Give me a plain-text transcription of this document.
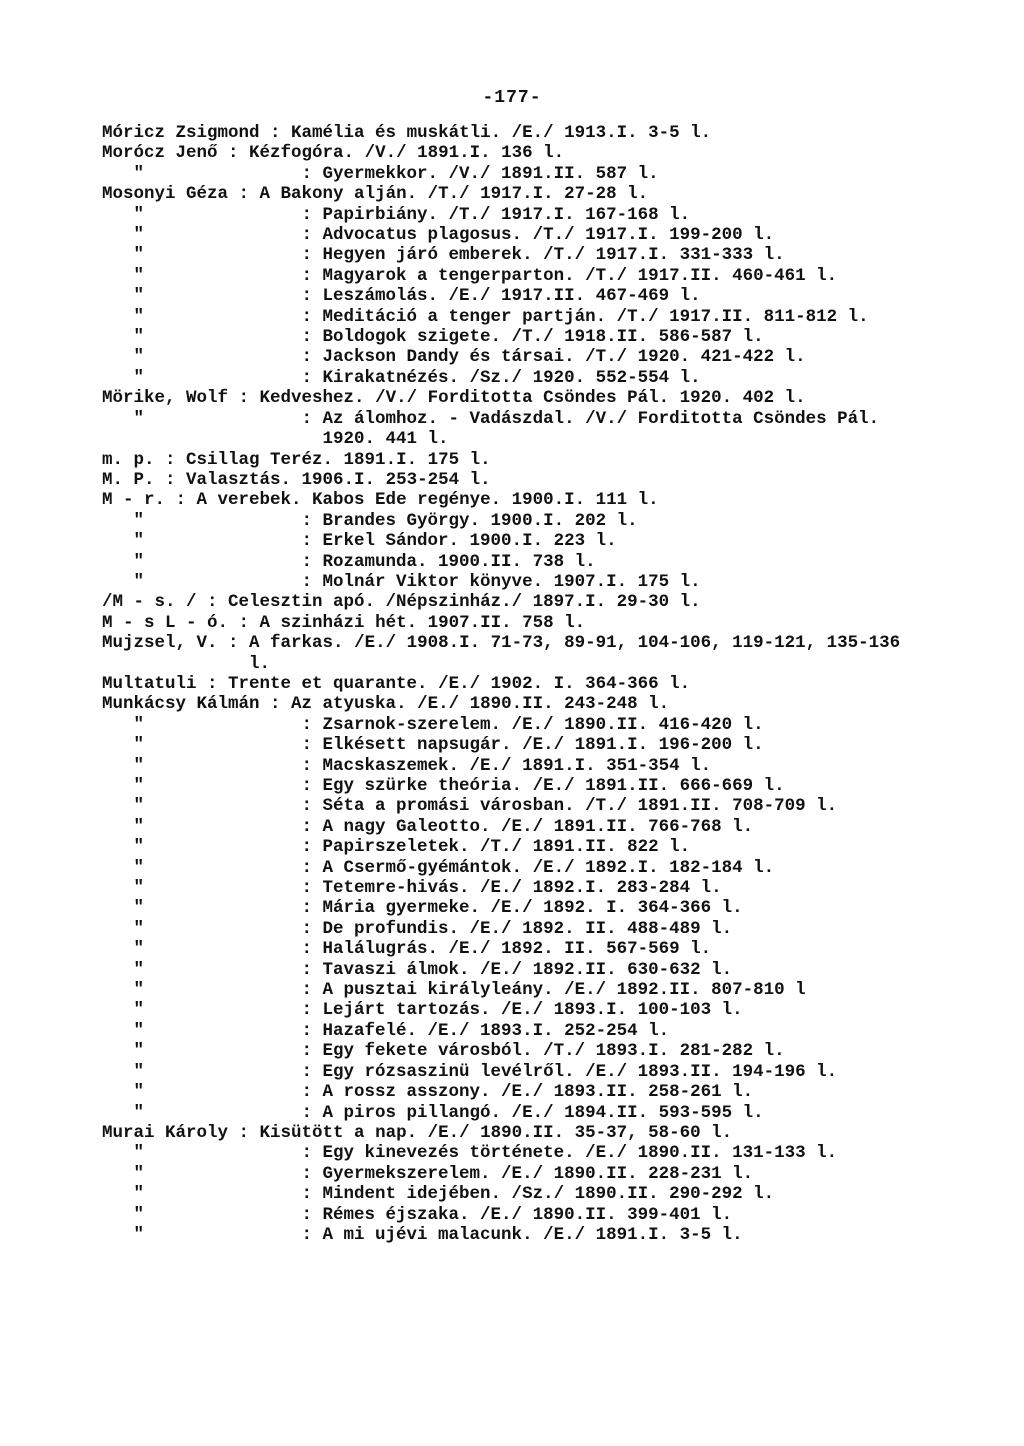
-177-
Móricz Zsigmond : Kamélia és muskátli. /E./ 1913.I. 3-5 l.
Morócz Jenő : Kézfogóra. /V./ 1891.I. 136 l.
"	: Gyermekkor. /V./ 1891.II. 587 l.
Mosonyi Géza : A Bakony alján. /T./ 1917.I. 27-28 l.
"	: Papirbiány. /T./ 1917.I. 167-168 l.
"	: Advocatus plagosus. /T./ 1917.I. 199-200 l.
"	: Hegyen járó emberek. /T./ 1917.I. 331-333 l.
"	: Magyarok a tengerparton. /T./ 1917.II. 460-461 l.
"	: Leszámolás. /E./ 1917.II. 467-469 l.
"	: Meditáció a tenger partján. /T./ 1917.II. 811-812 l.
"	: Boldogok szigete. /T./ 1918.II. 586-587 l.
"	: Jackson Dandy és társai. /T./ 1920. 421-422 l.
"	: Kirakatnézés. /Sz./ 1920. 552-554 l.
Mörike, Wolf : Kedveshez. /V./ Forditotta Csöndes Pál. 1920. 402 l.
"	: Az álomhoz. - Vadászdal. /V./ Forditotta Csöndes Pál. 1920. 441 l.
m. p. : Csillag Teréz. 1891.I. 175 l.
M. P. : Valasztás. 1906.I. 253-254 l.
M - r. : A verebek. Kabos Ede regénye. 1900.I. 111 l.
"	: Brandes György. 1900.I. 202 l.
"	: Erkel Sándor. 1900.I. 223 l.
"	: Rozamunda. 1900.II. 738 l.
"	: Molnár Viktor könyve. 1907.I. 175 l.
/M - s. / : Celesztin apó. /Népszinház./ 1897.I. 29-30 l.
M - s L - ó. : A szinházi hét. 1907.II. 758 l.
Mujzsel, V. : A farkas. /E./ 1908.I. 71-73, 89-91, 104-106, 119-121, 135-136 l.
Multatuli : Trente et quarante. /E./ 1902. I. 364-366 l.
Munkácsy Kálmán : Az atyuska. /E./ 1890.II. 243-248 l.
"	: Zsarnok-szerelem. /E./ 1890.II. 416-420 l.
"	: Elkésett napsugár. /E./ 1891.I. 196-200 l.
"	: Macskaszemek. /E./ 1891.I. 351-354 l.
"	: Egy szürke theória. /E./ 1891.II. 666-669 l.
"	: Séta a promási városban. /T./ 1891.II. 708-709 l.
"	: A nagy Galeotto. /E./ 1891.II. 766-768 l.
"	: Papirszeletek. /T./ 1891.II. 822 l.
"	: A Csermő-gyémántok. /E./ 1892.I. 182-184 l.
"	: Tetemre-hivás. /E./ 1892.I. 283-284 l.
"	: Mária gyermeke. /E./ 1892. I. 364-366 l.
"	: De profundis. /E./ 1892. II. 488-489 l.
"	: Halálugrás. /E./ 1892. II. 567-569 l.
"	: Tavaszi álmok. /E./ 1892.II. 630-632 l.
"	: A pusztai királyleány. /E./ 1892.II. 807-810 l
"	: Lejárt tartozás. /E./ 1893.I. 100-103 l.
"	: Hazafelé. /E./ 1893.I. 252-254 l.
"	: Egy fekete városból. /T./ 1893.I. 281-282 l.
"	: Egy rózsaszinü levélről. /E./ 1893.II. 194-196 l.
"	: A rossz asszony. /E./ 1893.II. 258-261 l.
"	: A piros pillangó. /E./ 1894.II. 593-595 l.
Murai Károly : Kisütött a nap. /E./ 1890.II. 35-37, 58-60 l.
"	: Egy kinevezés története. /E./ 1890.II. 131-133 l.
"	: Gyermekszerelem. /E./ 1890.II. 228-231 l.
"	: Mindent idejében. /Sz./ 1890.II. 290-292 l.
"	: Rémes éjszaka. /E./ 1890.II. 399-401 l.
"	: A mi ujévi malacunk. /E./ 1891.I. 3-5 l.
